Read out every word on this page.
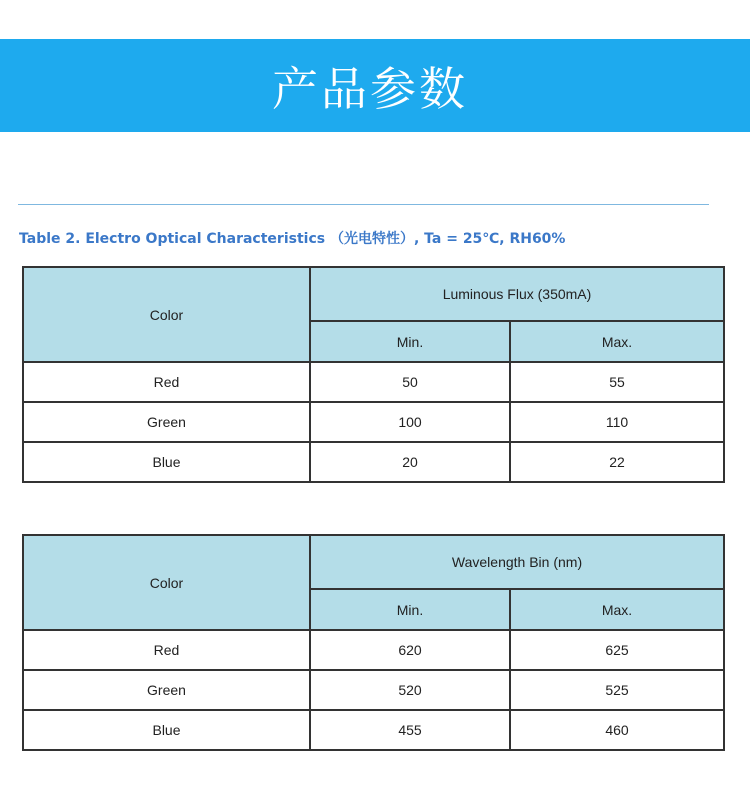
产品参数
Table 2. Electro Optical Characteristics （光电特性）, Ta = 25℃, RH60%
Color	Luminous Flux (350mA)	
	Min.	Max.
Red	50	55
Green	100	110
Blue	20	22
Color	Wavelength Bin (nm)	
	Min.	Max.
Red	620	625
Green	520	525
Blue	455	460
